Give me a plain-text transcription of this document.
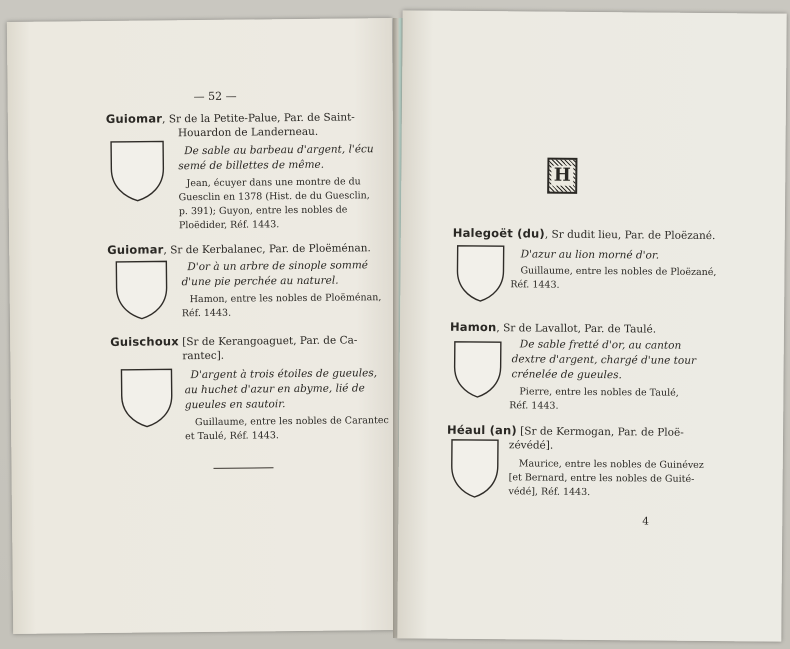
— 52 —
Guiomar, Sr de la Petite-Palue, Par. de Saint-
Houardon de Landerneau.
De sable au barbeau d'argent, l'écu
semé de billettes de même.
Jean, écuyer dans une montre de du
Guesclin en 1378 (Hist. de du Guesclin,
p. 391); Guyon, entre les nobles de
Ploëdider, Réf. 1443.
Guiomar, Sr de Kerbalanec, Par. de Ploëménan.
D'or à un arbre de sinople sommé
d'une pie perchée au naturel.
Hamon, entre les nobles de Ploëménan,
Réf. 1443.
Guischoux [Sr de Kerangoaguet, Par. de Ca-
rantec].
D'argent à trois étoiles de gueules,
au huchet d'azur en abyme, lié de
gueules en sautoir.
Guillaume, entre les nobles de Carantec
et Taulé, Réf. 1443.
H
Halegoët (du), Sr dudit lieu, Par. de Ploëzané.
D'azur au lion morné d'or.
Guillaume, entre les nobles de Ploëzané,
Réf. 1443.
Hamon, Sr de Lavallot, Par. de Taulé.
De sable fretté d'or, au canton
dextre d'argent, chargé d'une tour
crénelée de gueules.
Pierre, entre les nobles de Taulé,
Réf. 1443.
Héaul (an) [Sr de Kermogan, Par. de Ploë-
zévédé].
Maurice, entre les nobles de Guinévez
[et Bernard, entre les nobles de Guité-
védé], Réf. 1443.
4
